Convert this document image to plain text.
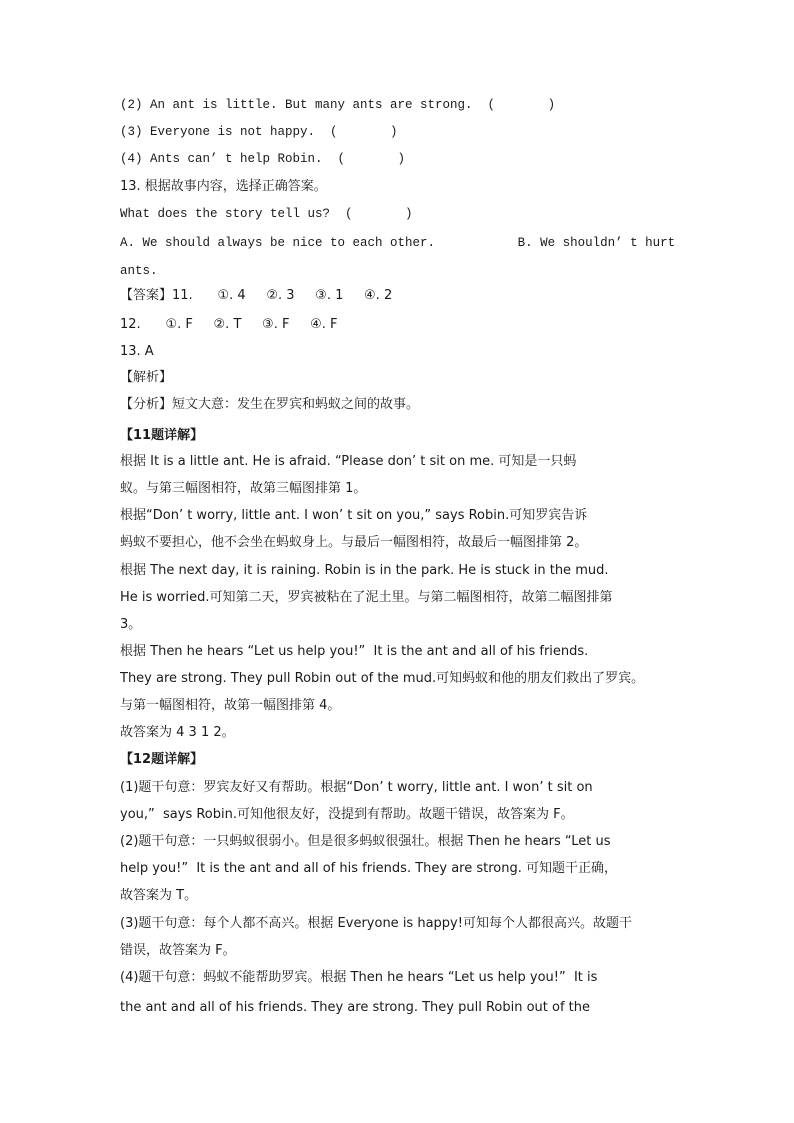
(2) An ant is little. But many ants are strong.  (       )
(3) Everyone is not happy.  (       )
(4) Ants can’ t help Robin.  (       )
13. 根据故事内容，选择正确答案。
What does the story tell us?  (       )
A. We should always be nice to each other.           B. We shouldn’ t hurt
ants.
【答案】11.      ①. 4     ②. 3     ③. 1     ④. 2
12.      ①. F     ②. T     ③. F     ④. F
13. A
【解析】
【分析】短文大意：发生在罗宾和蚂蚁之间的故事。
【11题详解】
根据 It is a little ant. He is afraid. “Please don’ t sit on me. 可知是一只蚂
蚁。与第三幅图相符，故第三幅图排第 1。
根据“Don’ t worry, little ant. I won’ t sit on you,” says Robin.可知罗宾告诉
蚂蚁不要担心，他不会坐在蚂蚁身上。与最后一幅图相符，故最后一幅图排第 2。
根据 The next day, it is raining. Robin is in the park. He is stuck in the mud.
He is worried.可知第二天，罗宾被粘在了泥土里。与第二幅图相符，故第二幅图排第
3。
根据 Then he hears “Let us help you!”  It is the ant and all of his friends.
They are strong. They pull Robin out of the mud.可知蚂蚁和他的朋友们救出了罗宾。
与第一幅图相符，故第一幅图排第 4。
故答案为 4 3 1 2。
【12题详解】
(1)题干句意：罗宾友好又有帮助。根据“Don’ t worry, little ant. I won’ t sit on
you,”  says Robin.可知他很友好，没提到有帮助。故题干错误，故答案为 F。
(2)题干句意：一只蚂蚁很弱小。但是很多蚂蚁很强壮。根据 Then he hears “Let us
help you!”  It is the ant and all of his friends. They are strong. 可知题干正确，
故答案为 T。
(3)题干句意：每个人都不高兴。根据 Everyone is happy!可知每个人都很高兴。故题干
错误，故答案为 F。
(4)题干句意：蚂蚁不能帮助罗宾。根据 Then he hears “Let us help you!”  It is
the ant and all of his friends. They are strong. They pull Robin out of the
